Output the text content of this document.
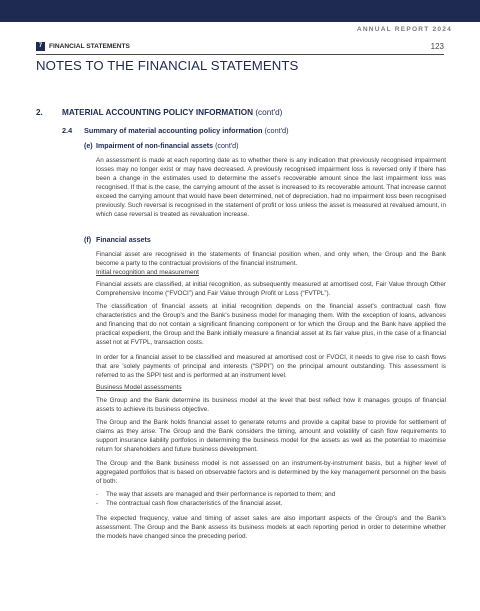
ANNUAL REPORT 2024
7	FINANCIAL STATEMENTS	123
NOTES TO THE FINANCIAL STATEMENTS
2. MATERIAL ACCOUNTING POLICY INFORMATION (cont'd)
2.4 Summary of material accounting policy information (cont'd)
(e) Impairment of non-financial assets (cont'd)

An assessment is made at each reporting date as to whether there is any indication that previously recognised impairment losses may no longer exist or may have decreased. A previously recognised impairment loss is reversed only if there has been a change in the estimates used to determine the asset's recoverable amount since the last impairment loss was recognised. If that is the case, the carrying amount of the asset is increased to its recoverable amount. That increase cannot exceed the carrying amount that would have been determined, net of depreciation, had no impairment loss been recognised previously. Such reversal is recognised in the statement of profit or loss unless the asset is measured at revalued amount, in which case reversal is treated as revaluation increase.

(f) Financial assets

Financial asset are recognised in the statements of financial position when, and only when, the Group and the Bank become a party to the contractual provisions of the financial instrument.

Initial recognition and measurement

Financial assets are classified, at initial recognition, as subsequently measured at amortised cost, Fair Value through Other Comprehensive Income (“FVOCI”) and Fair Value through Profit or Loss (“FVTPL”).

The classification of financial assets at initial recognition depends on the financial asset's contractual cash flow characteristics and the Group's and the Bank's business model for managing them. With the exception of loans, advances and financing that do not contain a significant financing component or for which the Group and the Bank have applied the practical expedient, the Group and the Bank initially measure a financial asset at its fair value plus, in the case of a financial asset not at FVTPL, transaction costs.

In order for a financial asset to be classified and measured at amortised cost or FVOCI, it needs to give rise to cash flows that are 'solely payments of principal and interests (“SPPI”) on the principal amount outstanding. This assessment is referred to as the SPPI test and is performed at an instrument level.

Business Model assessments

The Group and the Bank determine its business model at the level that best reflect how it manages groups of financial assets to achieve its business objective.

The Group and the Bank holds financial asset to generate returns and provide a capital base to provide for settlement of claims as they arise. The Group and the Bank considers the timing, amount and volatility of cash flow requirements to support insurance liability portfolios in determining the business model for the assets as well as the potential to maximise return for shareholders and future business development.

The Group and the Bank business model is not assessed on an instrument-by-instrument basis, but a higher level of aggregated portfolios that is based on observable factors and is determined by the key management personnel on the basis of both:

- The way that assets are managed and their performance is reported to them; and

- The contractual cash flow characteristics of the financial asset.

The expected frequency, value and timing of asset sales are also important aspects of the Group's and the Bank's assessment. The Group and the Bank assess its business models at each reporting period in order to determine whether the models have changed since the preceding period.
